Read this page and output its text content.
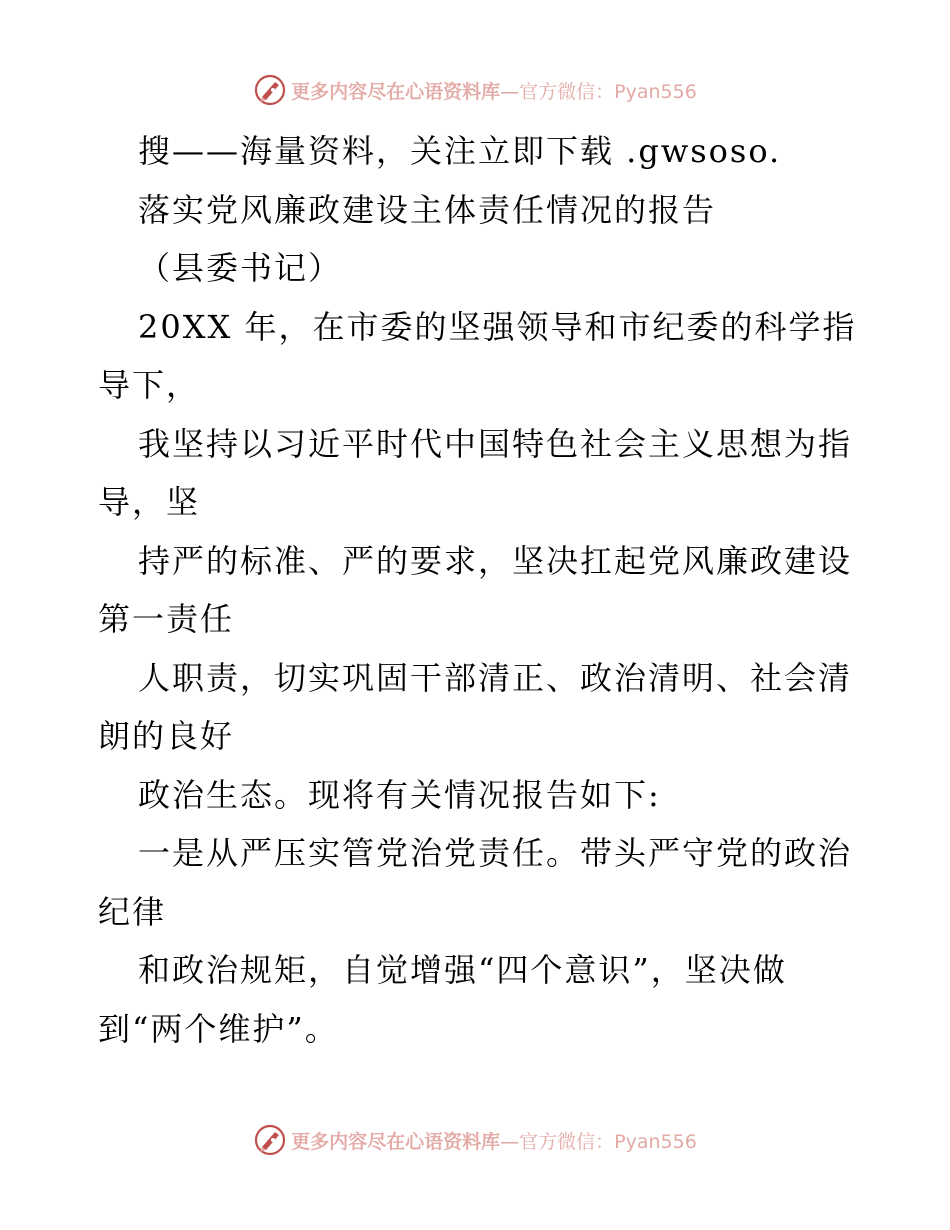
更多内容尽在心语资料库—官方微信：Pyan556
搜——海量资料，关注立即下载 .gwsoso.
落实党风廉政建设主体责任情况的报告
（县委书记）
20XX 年，在市委的坚强领导和市纪委的科学指
导下，
我坚持以习近平时代中国特色社会主义思想为指
导，坚
持严的标准、严的要求，坚决扛起党风廉政建设
第一责任
人职责，切实巩固干部清正、政治清明、社会清
朗的良好
政治生态。现将有关情况报告如下:
一是从严压实管党治党责任。带头严守党的政治
纪律
和政治规矩，自觉增强“四个意识”，坚决做
到“两个维护”。
更多内容尽在心语资料库—官方微信：Pyan556
